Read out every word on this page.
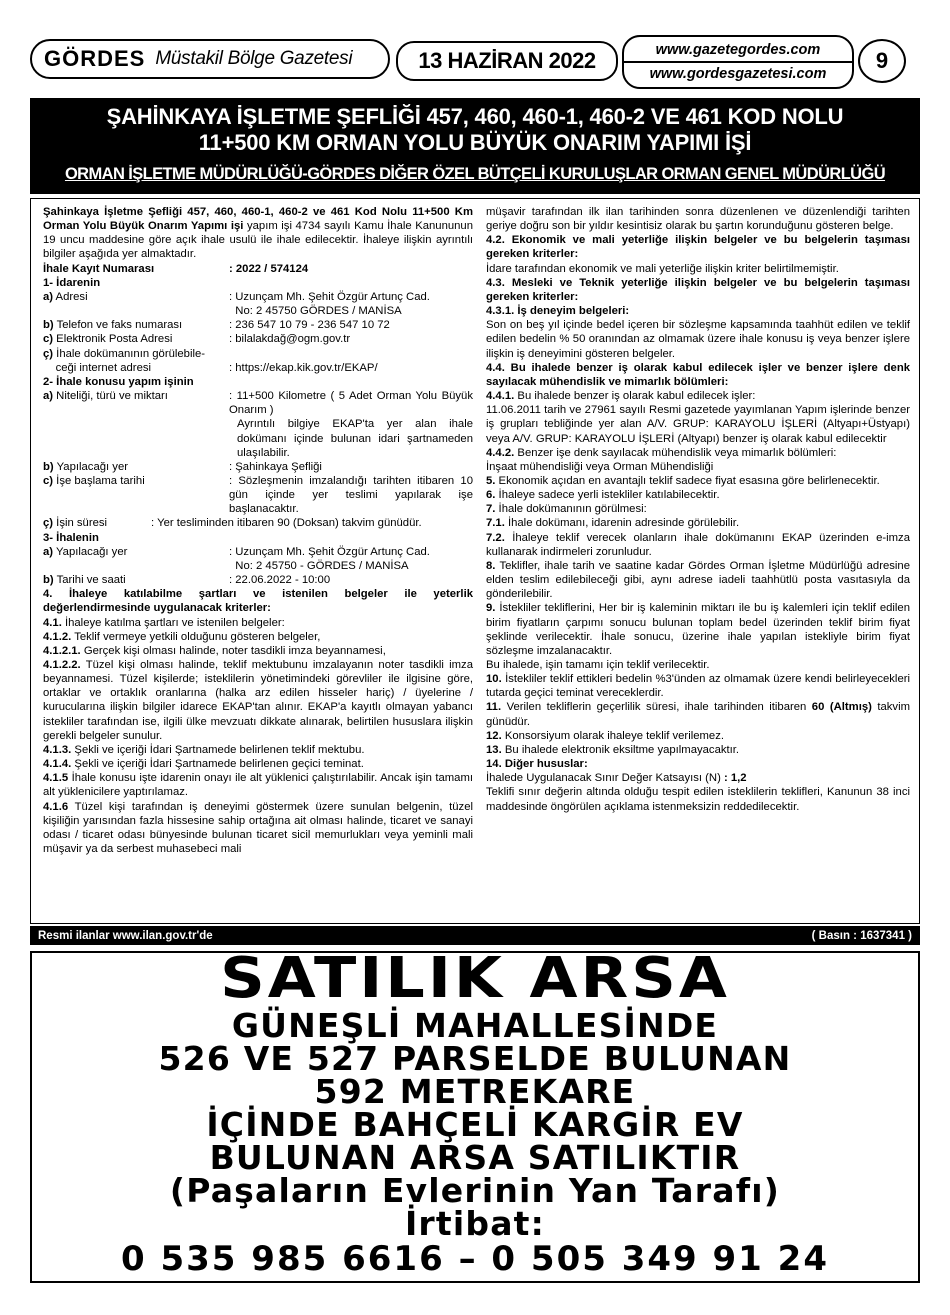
GÖRDES Müstakil Bölge Gazetesi	13 HAZİRAN 2022	www.gazetegordes.com
www.gordesgazetesi.com
9
ŞAHİNKAYA İŞLETME ŞEFLİĞİ 457, 460, 460-1, 460-2 VE 461 KOD NOLU
11+500 KM ORMAN YOLU BÜYÜK ONARIM YAPIMI İŞİ
ORMAN İŞLETME MÜDÜRLÜĞÜ-GÖRDES DİĞER ÖZEL BÜTÇELİ KURULUŞLAR ORMAN GENEL MÜDÜRLÜĞÜ
Şahinkaya İşletme Şefliği 457, 460, 460-1, 460-2 ve 461 Kod Nolu 11+500 Km Orman Yolu Büyük Onarım Yapımı işi yapım işi 4734 sayılı Kamu İhale Kanununun 19 uncu maddesine göre açık ihale usulü ile ihale edilecektir. İhaleye ilişkin ayrıntılı bilgiler aşağıda yer almaktadır.
İhale Kayıt Numarası	: 2022 / 574124
1- İdarenin
a) Adresi	: Uzunçam Mh. Şehit Özgür Artunç Cad.
No: 2 45750 GÖRDES / MANİSA
b) Telefon ve faks numarası	: 236 547 10 79 - 236 547 10 72
c) Elektronik Posta Adresi	: bilalakdağ@ogm.gov.tr
ç) İhale dokümanının görülebile-
ceği internet adresi	: https://ekap.kik.gov.tr/EKAP/
2- İhale konusu yapım işinin
a) Niteliği, türü ve miktarı	: 11+500 Kilometre ( 5 Adet Orman Yolu Büyük Onarım )

Ayrıntılı bilgiye EKAP'ta yer alan ihale dokümanı içinde bulunan idari şartnameden ulaşılabilir.
b) Yapılacağı yer	: Şahinkaya Şefliği
c) İşe başlama tarihi	: Sözleşmenin imzalandığı tarihten itibaren 10 gün içinde yer teslimi yapılarak işe başlanacaktır.
ç) İşin süresi	: Yer tesliminden itibaren 90 (Doksan) takvim günüdür.
3- İhalenin
a) Yapılacağı yer	: Uzunçam Mh. Şehit Özgür Artunç Cad.
No: 2 45750 - GÖRDES / MANİSA
b) Tarihi ve saati	: 22.06.2022 - 10:00
4. İhaleye katılabilme şartları ve istenilen belgeler ile yeterlik değerlendirmesinde uygulanacak kriterler:
4.1. İhaleye katılma şartları ve istenilen belgeler:
4.1.2. Teklif vermeye yetkili olduğunu gösteren belgeler,
4.1.2.1. Gerçek kişi olması halinde, noter tasdikli imza beyannamesi,
4.1.2.2. Tüzel kişi olması halinde, teklif mektubunu imzalayanın noter tasdikli imza beyannamesi. Tüzel kişilerde; isteklilerin yönetimindeki görevliler ile ilgisine göre, ortaklar ve ortaklık oranlarına (halka arz edilen hisseler hariç) / üyelerine / kurucularına ilişkin bilgiler idarece EKAP'tan alınır. EKAP'a kayıtlı olmayan yabancı istekliler tarafından ise, ilgili ülke mevzuatı dikkate alınarak, belirtilen hususlara ilişkin gerekli belgeler sunulur.
4.1.3. Şekli ve içeriği İdari Şartnamede belirlenen teklif mektubu.
4.1.4. Şekli ve içeriği İdari Şartnamede belirlenen geçici teminat.
4.1.5 İhale konusu işte idarenin onayı ile alt yüklenici çalıştırılabilir. Ancak işin tamamı alt yüklenicilere yaptırılamaz.
4.1.6 Tüzel kişi tarafından iş deneyimi göstermek üzere sunulan belgenin, tüzel kişiliğin yarısından fazla hissesine sahip ortağına ait olması halinde, ticaret ve sanayi odası / ticaret odası bünyesinde bulunan ticaret sicil memurlukları veya yeminli mali müşavir ya da serbest muhasebeci mali
müşavir tarafından ilk ilan tarihinden sonra düzenlenen ve düzenlendiği tarihten geriye doğru son bir yıldır kesintisiz olarak bu şartın korunduğunu gösteren belge.
4.2. Ekonomik ve mali yeterliğe ilişkin belgeler ve bu belgelerin taşıması gereken kriterler:
İdare tarafından ekonomik ve mali yeterliğe ilişkin kriter belirtilmemiştir.
4.3. Mesleki ve Teknik yeterliğe ilişkin belgeler ve bu belgelerin taşıması gereken kriterler:
4.3.1. İş deneyim belgeleri:
Son on beş yıl içinde bedel içeren bir sözleşme kapsamında taahhüt edilen ve teklif edilen bedelin % 50 oranından az olmamak üzere ihale konusu iş veya benzer işlere ilişkin iş deneyimini gösteren belgeler.
4.4. Bu ihalede benzer iş olarak kabul edilecek işler ve benzer işlere denk sayılacak mühendislik ve mimarlık bölümleri:
4.4.1. Bu ihalede benzer iş olarak kabul edilecek işler:
11.06.2011 tarih ve 27961 sayılı Resmi gazetede yayımlanan Yapım işlerinde benzer iş grupları tebliğinde yer alan A/V. GRUP: KARAYOLU İŞLERİ (Altyapı+Üstyapı) veya A/V. GRUP: KARAYOLU İŞLERİ (Altyapı) benzer iş olarak kabul edilecektir
4.4.2. Benzer işe denk sayılacak mühendislik veya mimarlık bölümleri:
İnşaat mühendisliği veya Orman Mühendisliği
5. Ekonomik açıdan en avantajlı teklif sadece fiyat esasına göre belirlenecektir.
6. İhaleye sadece yerli istekliler katılabilecektir.
7. İhale dokümanının görülmesi:
7.1. İhale dokümanı, idarenin adresinde görülebilir.
7.2. İhaleye teklif verecek olanların ihale dokümanını EKAP üzerinden e-imza kullanarak indirmeleri zorunludur.
8. Teklifler, ihale tarih ve saatine kadar Gördes Orman İşletme Müdürlüğü adresine elden teslim edilebileceği gibi, aynı adrese iadeli taahhütlü posta vasıtasıyla da gönderilebilir.
9. İstekliler tekliflerini, Her bir iş kaleminin miktarı ile bu iş kalemleri için teklif edilen birim fiyatların çarpımı sonucu bulunan toplam bedel üzerinden teklif birim fiyat şeklinde verilecektir. İhale sonucu, üzerine ihale yapılan istekliyle birim fiyat sözleşme imzalanacaktır.
Bu ihalede, işin tamamı için teklif verilecektir.
10. İstekliler teklif ettikleri bedelin %3'ünden az olmamak üzere kendi belirleyecekleri tutarda geçici teminat vereceklerdir.
11. Verilen tekliflerin geçerlilik süresi, ihale tarihinden itibaren 60 (Altmış) takvim günüdür.
12. Konsorsiyum olarak ihaleye teklif verilemez.
13. Bu ihalede elektronik eksiltme yapılmayacaktır.
14. Diğer hususlar:
İhalede Uygulanacak Sınır Değer Katsayısı (N) : 1,2
Teklifi sınır değerin altında olduğu tespit edilen isteklilerin teklifleri, Kanunun 38 inci maddesinde öngörülen açıklama istenmeksizin reddedilecektir.
Resmi ilanlar www.ilan.gov.tr'de	( Basın : 1637341 )
SATILIK ARSA
GÜNEŞLİ MAHALLESİNDE
526 VE 527 PARSELDE BULUNAN
592 METREKARE
İÇİNDE BAHÇELİ KARGİR EV
BULUNAN ARSA SATILIKTIR
(Paşaların Evlerinin Yan Tarafı)
İrtibat:
0 535 985 6616 – 0 505 349 91 24
